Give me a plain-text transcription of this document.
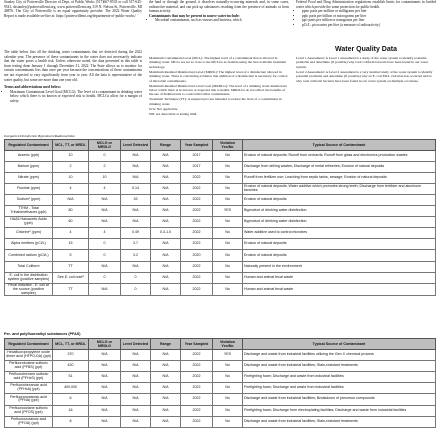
Stanley City of Pottersville Director of Dept. of Public Works (517)667-8533 or call 517-645-9541, dsstanley@pottersvillemi.org, www.pottersvillemi.org 319 N. Nelson St, Pottersville, MI 48876. The City of Pottersville is an equal opportunity provider. The 2022 Water Quality Report is made available on-line at: https://pottersvillemi.org/departments-of-public-works/
the land or through the ground, it dissolves naturally-occurring minerals and, in some cases, radioactive material, and can pick up substances resulting from the presence of animals or from human activity.
Contaminants that may be present in source water include:
• Microbial contaminants, such as viruses and bacteria, which
Federal Food and Drug Administration regulations establish limits for contaminants in bottled water which provide the same protection for public health.
• ppm: parts per million or milligrams per liter
• ppb: parts per billion or micrograms per liter
• ppt: parts per trillion or nanograms per liter
• pCi/L: picocuries per liter (a measure of radioactivity)
Water Quality Data
The table below lists all the drinking water contaminants that we detected during the 2022 calendar year. The presence of these contaminants in the water does not necessarily indicate that the water poses a health risk. Unless otherwise noted, the data presented in this table is from testing done January 1 through December 31, 2022. The State allows us to monitor for certain contaminants less than once per year because the concentrations of these contaminants are not expected to vary significantly from year to year. All the data is representative of the water quality, but some are more than one year old.
Terms and abbreviations used below:
• Maximum Contaminant Level Goal (MCLG): The level of a contaminant in drinking water below which there is no known or expected risk to health. MCLGs allow for a margin of safety.
Maximum Contaminant Level (MCL): The highest level of a contaminant that is allowed in drinking water. MCLs are set as close to the MCLGs as feasible using the best available treatment technology.
Maximum Residual Disinfectant Level (MRDL): The highest level of a disinfectant allowed in drinking water. There is convincing evidence that addition of a disinfectant is necessary for control of microbial contaminants.
Maximum Residual Disinfectant Level Goal (MRDLG): The level of a drinking water disinfectant below which there is no known or expected risk to health. MRDLGs do not reflect the benefits of the use of disinfectants to control microbial contaminants.
Treatment Technique (TT): A required process intended to reduce the level of a contaminant in drinking water.
N/A: Not applicable
ND: not detectable at testing limit
Level 1 Assessment: A Level 1 assessment is a study of the water system to identify potential problems and determine (if possible) why total coliform bacteria have been found in our water system.
Level 2 Assessment: A Level 2 assessment is a very detailed study of the water system to identify potential problems and determine (if possible) why an E. coli MCL violation has occurred and/or why total coliform bacteria have been found in our water system on multiple occasions.
Inorganics/Disinfection Byproducts/Radionuclides
Regulated Contaminant	MCL, TT, or MRDL	MCLG or MRDLG	Level Detected	Range	Year Sampled	Violation Yes/No	Typical Source of Contaminant
Arsenic (ppb)	10	0	N/A	N/A	2017	No	Erosion of natural deposits; Runoff from orchards; Runoff from glass and electronics production wastes
Barium (ppm)	2	2	N/A	N/A	2017	No	Discharge from drilling wastes; Discharge of metal refineries; Erosion of natural deposits
Nitrate (ppm)	10	10	N/A	N/A	2022	No	Runoff from fertilizer use; Leaching from septic tanks, sewage; Erosion of natural deposits
Fluoride (ppm)	4	4	0.14	N/A	2022	No	Erosion of natural deposits; Water additive which promotes strong teeth; Discharge from fertilizer and aluminum factories
Sodium¹ (ppm)	N/A	N/A	33	N/A	2022	No	Erosion of natural deposits
TTHM - Total Trihalomethanes (ppb)	80	N/A	N/A	N/A	2022	YES	Byproduct of drinking water disinfection
HAA5 Haloacetic Acids (ppb)	60	N/A	N/A	N/A	2022	No	Byproduct of drinking water disinfection
Chlorine² (ppm)	4	4	0.49	0.3-1.0	2022	No	Water additive used to control microbes
Alpha emitters (pCi/L)	15	0	3.7	N/A	2022	No	Erosion of natural deposits
Combined radium (pCi/L)	5	0	3.2	N/A	2020	No	Erosion of natural deposits
Total Coliform	TT	N/A	N/A	N/A	2022	No	Naturally present in the environment
E. coli in the distribution system (positive samples)	See E. coli note³	0	0	N/A	2022	No	Human and animal fecal waste
Fecal Indicator - E. coli at the source (positive samples)	TT	N/A	0	N/A	2022	No	Human and animal fecal waste
Per- and polyfluoroalkyl substances (PFAS)
Regulated Contaminant	MCL, TT, or MRDL	MCLG or MRDLG	Level Detected	Range	Year Sampled	Violation Yes/No	Typical Source of Contaminant
Hexafluoropropylene oxide dimer acid (HFPO-DA) (ppt)	370	N/A	N/A	N/A	2022	YES	Discharge and waste from industrial facilities utilizing the Gen X chemical process
Perfluorobutane sulfonic acid (PFBS) (ppt)	420	N/A	N/A	N/A	2022	No	Discharge and waste from industrial facilities; Stain-resistant treatments
Perfluorohexane sulfonic acid (PFHxS) (ppt)	51	N/A	N/A	N/A	2022	No	Firefighting foam; Discharge and waste from industrial facilities
Perfluorohexanoic acid (PFHxA) (ppt)	400,000	N/A	N/A	N/A	2022	No	Firefighting foam; Discharge and waste from industrial facilities
Perfluorononanoic acid (PFNA) (ppt)	6	N/A	N/A	N/A	2022	No	Discharge and waste from industrial facilities; Breakdown of precursor compounds
Perfluorooctane sulfonic acid (PFOS) (ppt)	16	N/A	N/A	N/A	2022	No	Firefighting foam; Discharge from electroplating facilities; Discharge and waste from industrial facilities
Perfluorooctanoic acid (PFOA) (ppt)	8	N/A	N/A	N/A	2022	No	Discharge and waste from industrial facilities; Stain-resistant treatments
